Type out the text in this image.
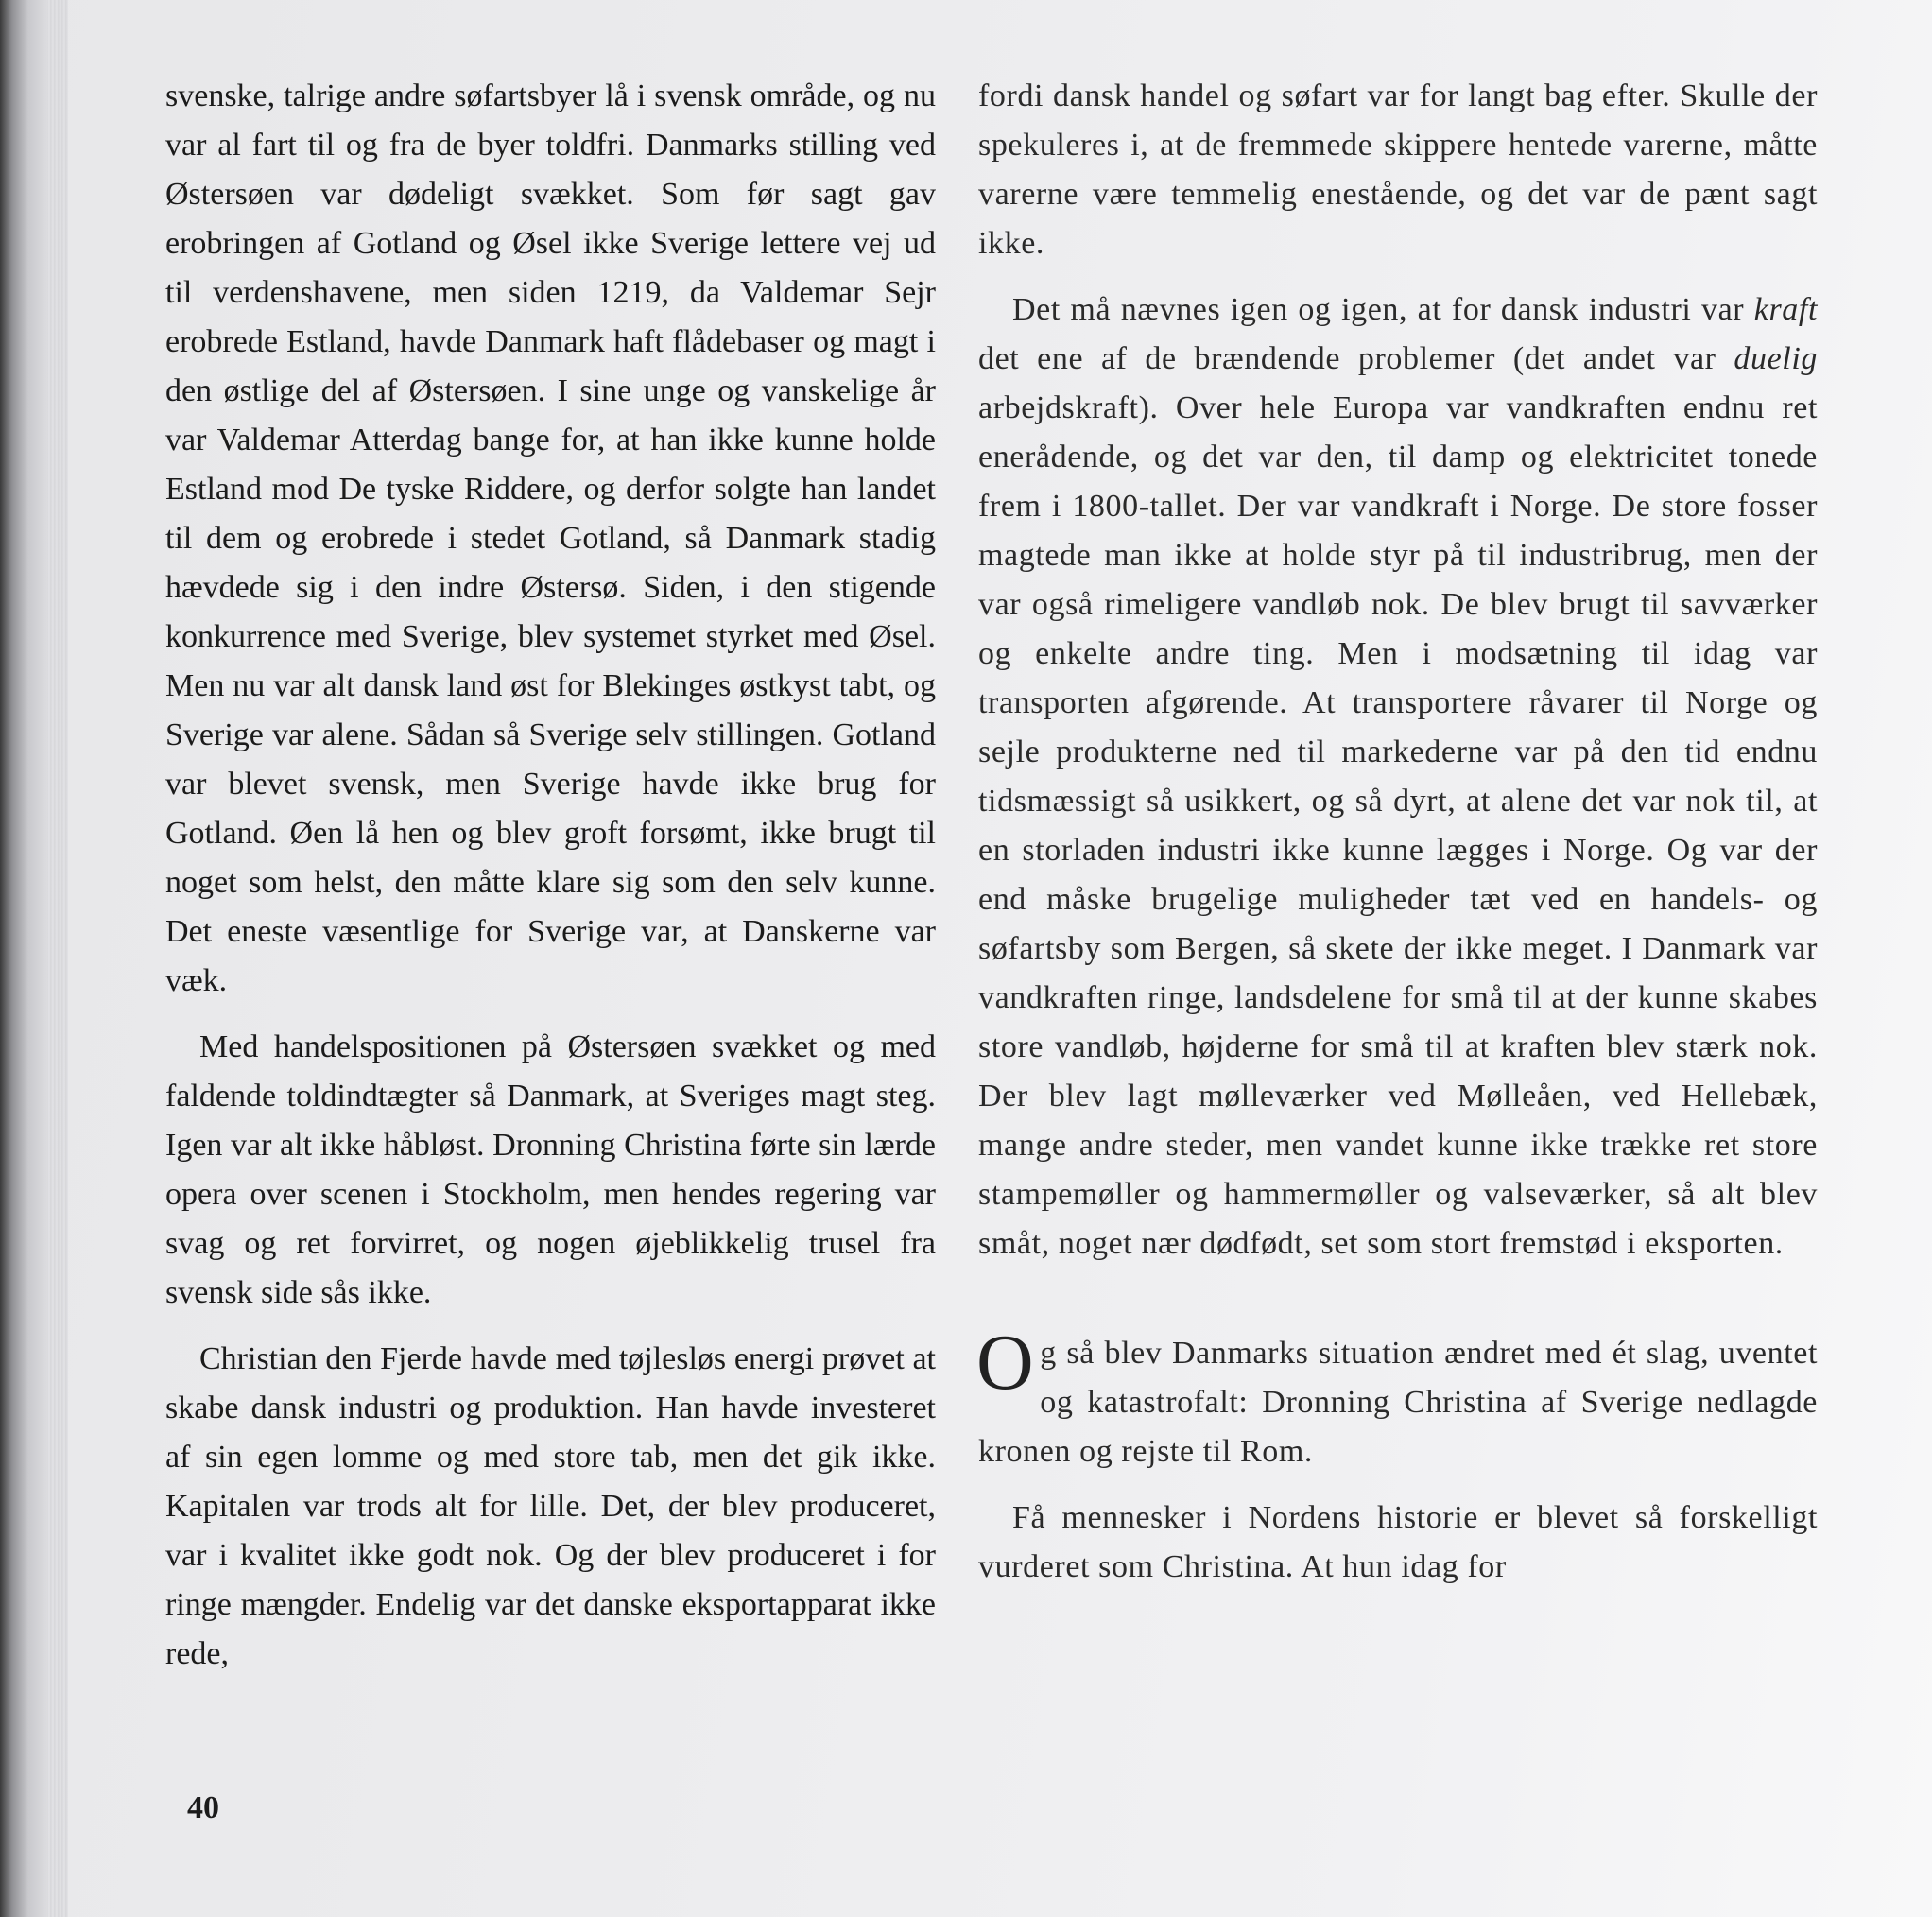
svenske, talrige andre søfartsbyer lå i svensk område, og nu var al fart til og fra de byer toldfri. Danmarks stilling ved Østersøen var dødeligt svækket. Som før sagt gav erobringen af Gotland og Øsel ikke Sverige lettere vej ud til verdenshavene, men siden 1219, da Valdemar Sejr erobrede Estland, havde Danmark haft flådebaser og magt i den østlige del af Østersøen. I sine unge og vanskelige år var Valdemar Atterdag bange for, at han ikke kunne holde Estland mod De tyske Riddere, og derfor solgte han landet til dem og erobrede i stedet Gotland, så Danmark stadig hævdede sig i den indre Østersø. Siden, i den stigende konkurrence med Sverige, blev systemet styrket med Øsel. Men nu var alt dansk land øst for Blekinges østkyst tabt, og Sverige var alene. Sådan så Sverige selv stillingen. Gotland var blevet svensk, men Sverige havde ikke brug for Gotland. Øen lå hen og blev groft forsømt, ikke brugt til noget som helst, den måtte klare sig som den selv kunne. Det eneste væsentlige for Sverige var, at Danskerne var væk.

Med handelspositionen på Østersøen svækket og med faldende toldindtægter så Danmark, at Sveriges magt steg. Igen var alt ikke håbløst. Dronning Christina førte sin lærde opera over scenen i Stockholm, men hendes regering var svag og ret forvirret, og nogen øjeblikkelig trusel fra svensk side sås ikke.

Christian den Fjerde havde med tøjlesløs energi prøvet at skabe dansk industri og produktion. Han havde investeret af sin egen lomme og med store tab, men det gik ikke. Kapitalen var trods alt for lille. Det, der blev produceret, var i kvalitet ikke godt nok. Og der blev produceret i for ringe mængder. Endelig var det danske eksportapparat ikke rede,

fordi dansk handel og søfart var for langt bag efter. Skulle der spekuleres i, at de fremmede skippere hentede varerne, måtte varerne være temmelig enestående, og det var de pænt sagt ikke.

Det må nævnes igen og igen, at for dansk industri var kraft det ene af de brændende problemer (det andet var duelig arbejdskraft). Over hele Europa var vandkraften endnu ret enerådende, og det var den, til damp og elektricitet tonede frem i 1800-tallet. Der var vandkraft i Norge. De store fosser magtede man ikke at holde styr på til industribrug, men der var også rimeligere vandløb nok. De blev brugt til savværker og enkelte andre ting. Men i modsætning til idag var transporten afgørende. At transportere råvarer til Norge og sejle produkterne ned til markederne var på den tid endnu tidsmæssigt så usikkert, og så dyrt, at alene det var nok til, at en storladen industri ikke kunne lægges i Norge. Og var der end måske brugelige muligheder tæt ved en handels- og søfartsby som Bergen, så skete der ikke meget. I Danmark var vandkraften ringe, landsdelene for små til at der kunne skabes store vandløb, højderne for små til at kraften blev stærk nok. Der blev lagt mølleværker ved Mølleåen, ved Hellebæk, mange andre steder, men vandet kunne ikke trække ret store stampemøller og hammermøller og valseværker, så alt blev småt, noget nær dødfødt, set som stort fremstød i eksporten.

Og så blev Danmarks situation ændret med ét slag, uventet og katastrofalt: Dronning Christina af Sverige nedlagde kronen og rejste til Rom.

Få mennesker i Nordens historie er blevet så forskelligt vurderet som Christina. At hun idag for

40
